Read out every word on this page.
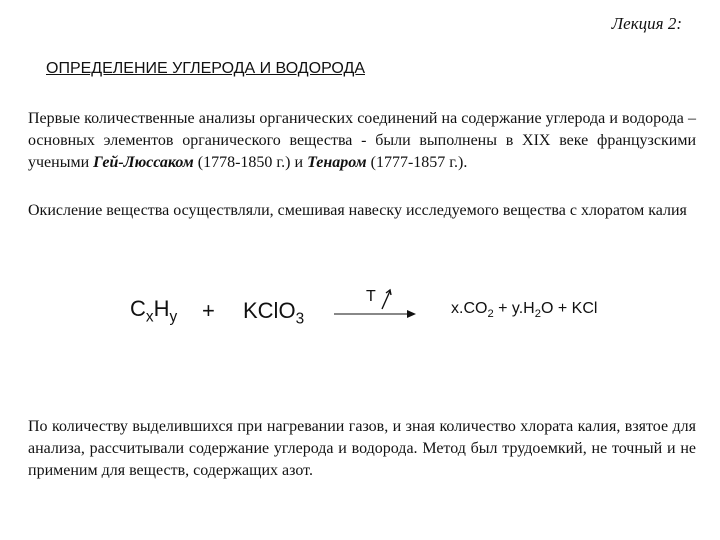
Лекция 2:
ОПРЕДЕЛЕНИЕ УГЛЕРОДА И ВОДОРОДА

Первые количественные анализы органических соединений на содержание углерода и водорода – основных элементов органического вещества - были выполнены в XIX веке французскими учеными Гей-Люссаком (1778-1850 г.) и Тенаром (1777-1857 г.).

Окисление вещества осуществляли, смешивая навеску исследуемого вещества с хлоратом калия

$C_xH_y$ + KClO$_3$
T
$x.CO_2 + y.H_2O$ + KCl

По количеству выделившихся при нагревании газов, и зная количество хлората калия, взятое для анализа, рассчитывали содержание углерода и водорода. Метод был трудоемкий, не точный и не применим для веществ, содержащих азот.
